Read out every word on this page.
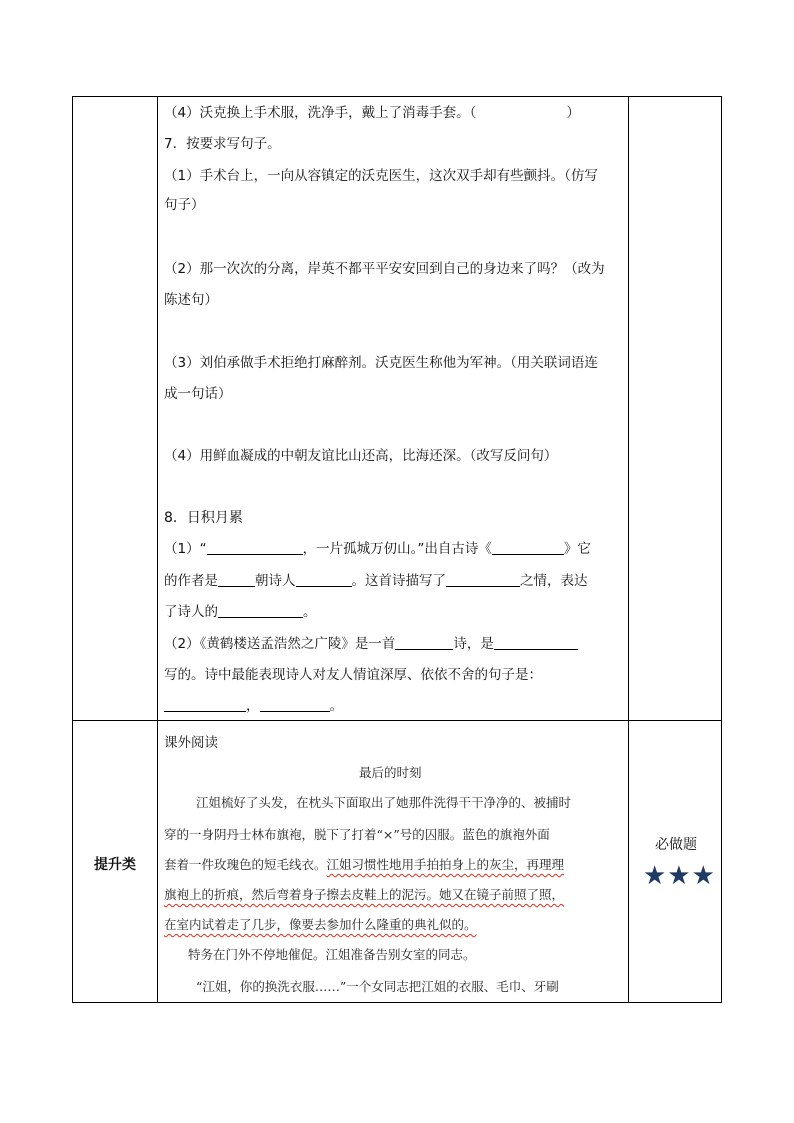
（4）沃克换上手术服，洗净手，戴上了消毒手套。（	）
7．按要求写句子。
（1）手术台上，一向从容镇定的沃克医生，这次双手却有些颤抖。（仿写
句子）
（2）那一次次的分离，岸英不都平平安安回到自己的身边来了吗？（改为
陈述句）
（3）刘伯承做手术拒绝打麻醉剂。沃克医生称他为军神。（用关联词语连
成一句话）
（4）用鲜血凝成的中朝友谊比山还高，比海还深。（改写反问句）
8．日积月累
（1）“	，一片孤城万仞山。”出自古诗《	》它
的作者是	朝诗人	。这首诗描写了	之情，表达
了诗人的	。
（2）《黄鹤楼送孟浩然之广陵》是一首	诗，是
写的。诗中最能表现诗人对友人情谊深厚、依依不舍的句子是：
，	。
提升类
课外阅读
最后的时刻
江姐梳好了头发，在枕头下面取出了她那件洗得干干净净的、被捕时
穿的一身阴丹士林布旗袍，脱下了打着“×”号的囚服。蓝色的旗袍外面
套着一件玫瑰色的短毛线衣。江姐习惯性地用手拍拍身上的灰尘，再理理
旗袍上的折痕，然后弯着身子擦去皮鞋上的泥污。她又在镜子前照了照，
在室内试着走了几步，像要去参加什么隆重的典礼似的。
特务在门外不停地催促。江姐准备告别女室的同志。
“江姐，你的换洗衣服……”一个女同志把江姐的衣服、毛巾、牙刷
必做题
★★★
